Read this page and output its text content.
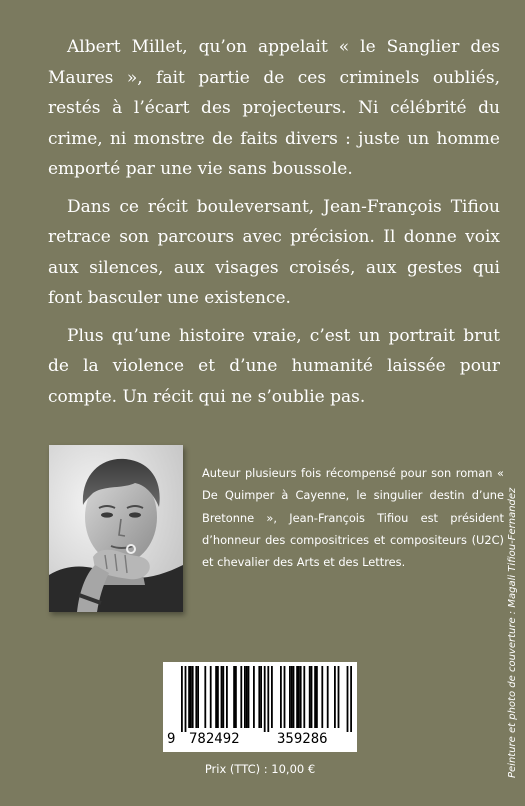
Albert Millet, qu’on appelait « le Sanglier des Maures », fait partie de ces criminels oubliés, restés à l’écart des projecteurs. Ni célébrité du crime, ni monstre de faits divers : juste un homme emporté par une vie sans boussole.

Dans ce récit bouleversant, Jean-François Tifiou retrace son parcours avec précision. Il donne voix aux silences, aux visages croisés, aux gestes qui font basculer une existence.

Plus qu’une histoire vraie, c’est un portrait brut de la violence et d’une humanité laissée pour compte. Un récit qui ne s’oublie pas.

Auteur plusieurs fois récompensé pour son roman « De Quimper à Cayenne, le singulier destin d’une Bretonne », Jean-François Tifiou est président d’honneur des compositrices et compositeurs (U2C) et chevalier des Arts et des Lettres.	Peinture et photo de couverture : Magali Tifiou-Fernandez
9 782492	359286
Prix (TTC) : 10,00 €
